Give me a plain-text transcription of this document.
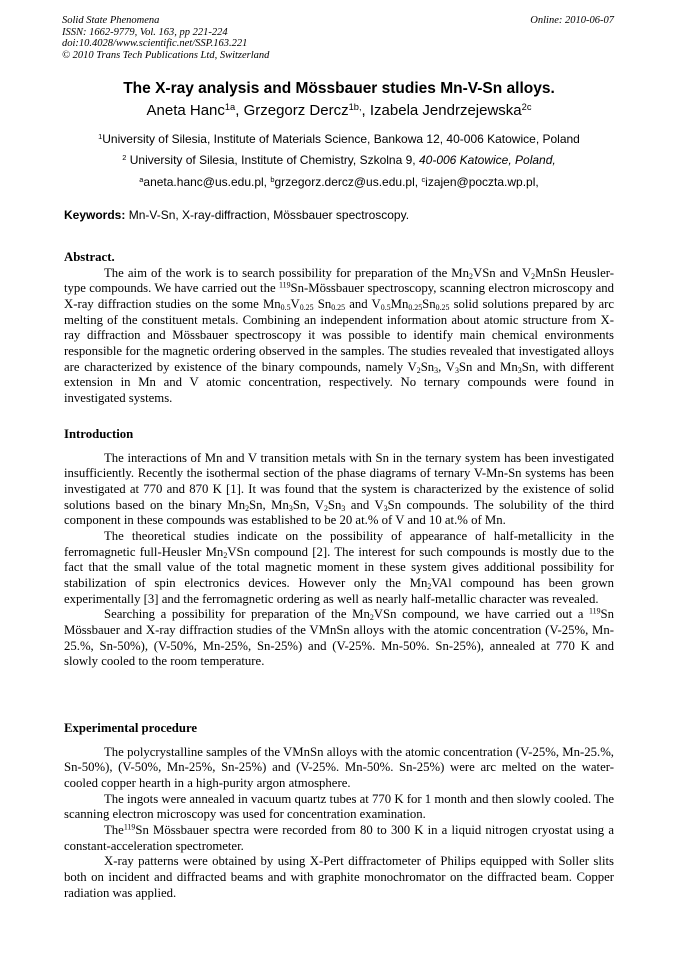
Solid State Phenomena
ISSN: 1662-9779, Vol. 163, pp 221-224
doi:10.4028/www.scientific.net/SSP.163.221
© 2010 Trans Tech Publications Ltd, Switzerland
Online: 2010-06-07
The X-ray analysis and Mössbauer studies Mn-V-Sn alloys.
Aneta Hanc$^{1a}$, Grzegorz Dercz$^{1b,}$, Izabela Jendrzejewska$^{2c}$
$^1$University of Silesia, Institute of Materials Science, Bankowa 12, 40-006 Katowice, Poland
$^2$ University of Silesia, Institute of Chemistry, Szkolna 9, 40-006 Katowice, Poland,
$^a$aneta.hanc@us.edu.pl, $^b$grzegorz.dercz@us.edu.pl, $^c$izajen@poczta.wp.pl,
Keywords: Mn-V-Sn, X-ray-diffraction, Mössbauer spectroscopy.
Abstract.

The aim of the work is to search possibility for preparation of the $Mn_2VSn$ and $V_2MnSn$ Heusler-type compounds. We have carried out the $^{119}$Sn-Mössbauer spectroscopy, scanning electron microscopy and X-ray diffraction studies on the some $Mn_{0.5}V_{0.25}$ $Sn_{0.25}$ and $V_{0.5}Mn_{0.25}Sn_{0.25}$ solid solutions prepared by arc melting of the constituent metals. Combining an independent information about atomic structure from X-ray diffraction and Mössbauer spectroscopy it was possible to identify main chemical environments responsible for the magnetic ordering observed in the samples. The studies revealed that investigated alloys are characterized by existence of the binary compounds, namely $V_2Sn_3$, $V_3Sn$ and $Mn_3Sn$, with different extension in Mn and V atomic concentration, respectively. No ternary compounds were found in investigated systems.

Introduction

The interactions of Mn and V transition metals with Sn in the ternary system has been investigated insufficiently. Recently the isothermal section of the phase diagrams of ternary V-Mn-Sn systems has been investigated at 770 and 870 K [1]. It was found that the system is characterized by the existence of solid solutions based on the binary $Mn_2Sn$, $Mn_3Sn$, $V_2Sn_3$ and $V_3Sn$ compounds. The solubility of the third component in these compounds was established to be 20 at.% of V and 10 at.% of Mn.

The theoretical studies indicate on the possibility of appearance of half-metallicity in the ferromagnetic full-Heusler $Mn_2VSn$ compound [2]. The interest for such compounds is mostly due to the fact that the small value of the total magnetic moment in these system gives additional possibility for stabilization of spin electronics devices. However only the $Mn_2VAl$ compound has been grown experimentally [3] and the ferromagnetic ordering as well as nearly half-metallic character was revealed.

Searching a possibility for preparation of the $Mn_2VSn$ compound, we have carried out a $^{119}$Sn Mössbauer and X-ray diffraction studies of the VMnSn alloys with the atomic concentration (V-25%, Mn-25.%, Sn-50%), (V-50%, Mn-25%, Sn-25%) and (V-25%. Mn-50%. Sn-25%), annealed at 770 K and slowly cooled to the room temperature.

Experimental procedure

The polycrystalline samples of the VMnSn alloys with the atomic concentration (V-25%, Mn-25.%, Sn-50%), (V-50%, Mn-25%, Sn-25%) and (V-25%. Mn-50%. Sn-25%) were arc melted on the water-cooled copper hearth in a high-purity argon atmosphere.

The ingots were annealed in vacuum quartz tubes at 770 K for 1 month and then slowly cooled. The scanning electron microscopy was used for concentration examination.

The$^{119}$Sn Mössbauer spectra were recorded from 80 to 300 K in a liquid nitrogen cryostat using a constant-acceleration spectrometer.

X-ray patterns were obtained by using X-Pert diffractometer of Philips equipped with Soller slits both on incident and diffracted beams and with graphite monochromator on the diffracted beam. Copper radiation was applied.
